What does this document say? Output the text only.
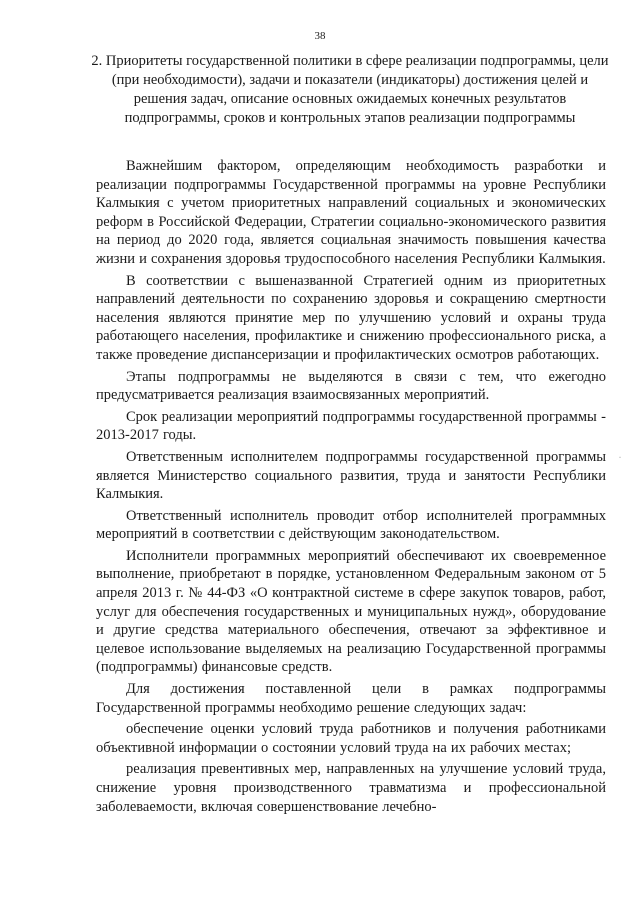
38
2. Приоритеты государственной политики в сфере реализации подпрограммы, цели (при необходимости), задачи и показатели (индикаторы) достижения целей и решения задач, описание основных ожидаемых конечных результатов подпрограммы, сроков и контрольных этапов реализации подпрограммы

Важнейшим фактором, определяющим необходимость разработки и реализации подпрограммы Государственной программы на уровне Республики Калмыкия с учетом приоритетных направлений социальных и экономических реформ в Российской Федерации, Стратегии социально-экономического развития на период до 2020 года, является социальная значимость повышения качества жизни и сохранения здоровья трудоспособного населения Республики Калмыкия.

В соответствии с вышеназванной Стратегией одним из приоритетных направлений деятельности по сохранению здоровья и сокращению смертности населения являются принятие мер по улучшению условий и охраны труда работающего населения, профилактике и снижению профессионального риска, а также проведение диспансеризации и профилактических осмотров работающих.

Этапы подпрограммы не выделяются в связи с тем, что ежегодно предусматривается реализация взаимосвязанных мероприятий.

Срок реализации мероприятий подпрограммы государственной программы - 2013-2017 годы.

Ответственным исполнителем подпрограммы государственной программы является Министерство социального развития, труда и занятости Республики Калмыкия.

Ответственный исполнитель проводит отбор исполнителей программных мероприятий в соответствии с действующим законодательством.

Исполнители программных мероприятий обеспечивают их своевременное выполнение, приобретают в порядке, установленном Федеральным законом от 5 апреля 2013 г. № 44-ФЗ «О контрактной системе в сфере закупок товаров, работ, услуг для обеспечения государственных и муниципальных нужд», оборудование и другие средства материального обеспечения, отвечают за эффективное и целевое использование выделяемых на реализацию Государственной программы (подпрограммы) финансовые средств.

Для достижения поставленной цели в рамках подпрограммы Государственной программы необходимо решение следующих задач:

обеспечение оценки условий труда работников и получения работниками объективной информации о состоянии условий труда на их рабочих местах;

реализация превентивных мер, направленных на улучшение условий труда, снижение уровня производственного травматизма и профессиональной заболеваемости, включая совершенствование лечебно-

·
